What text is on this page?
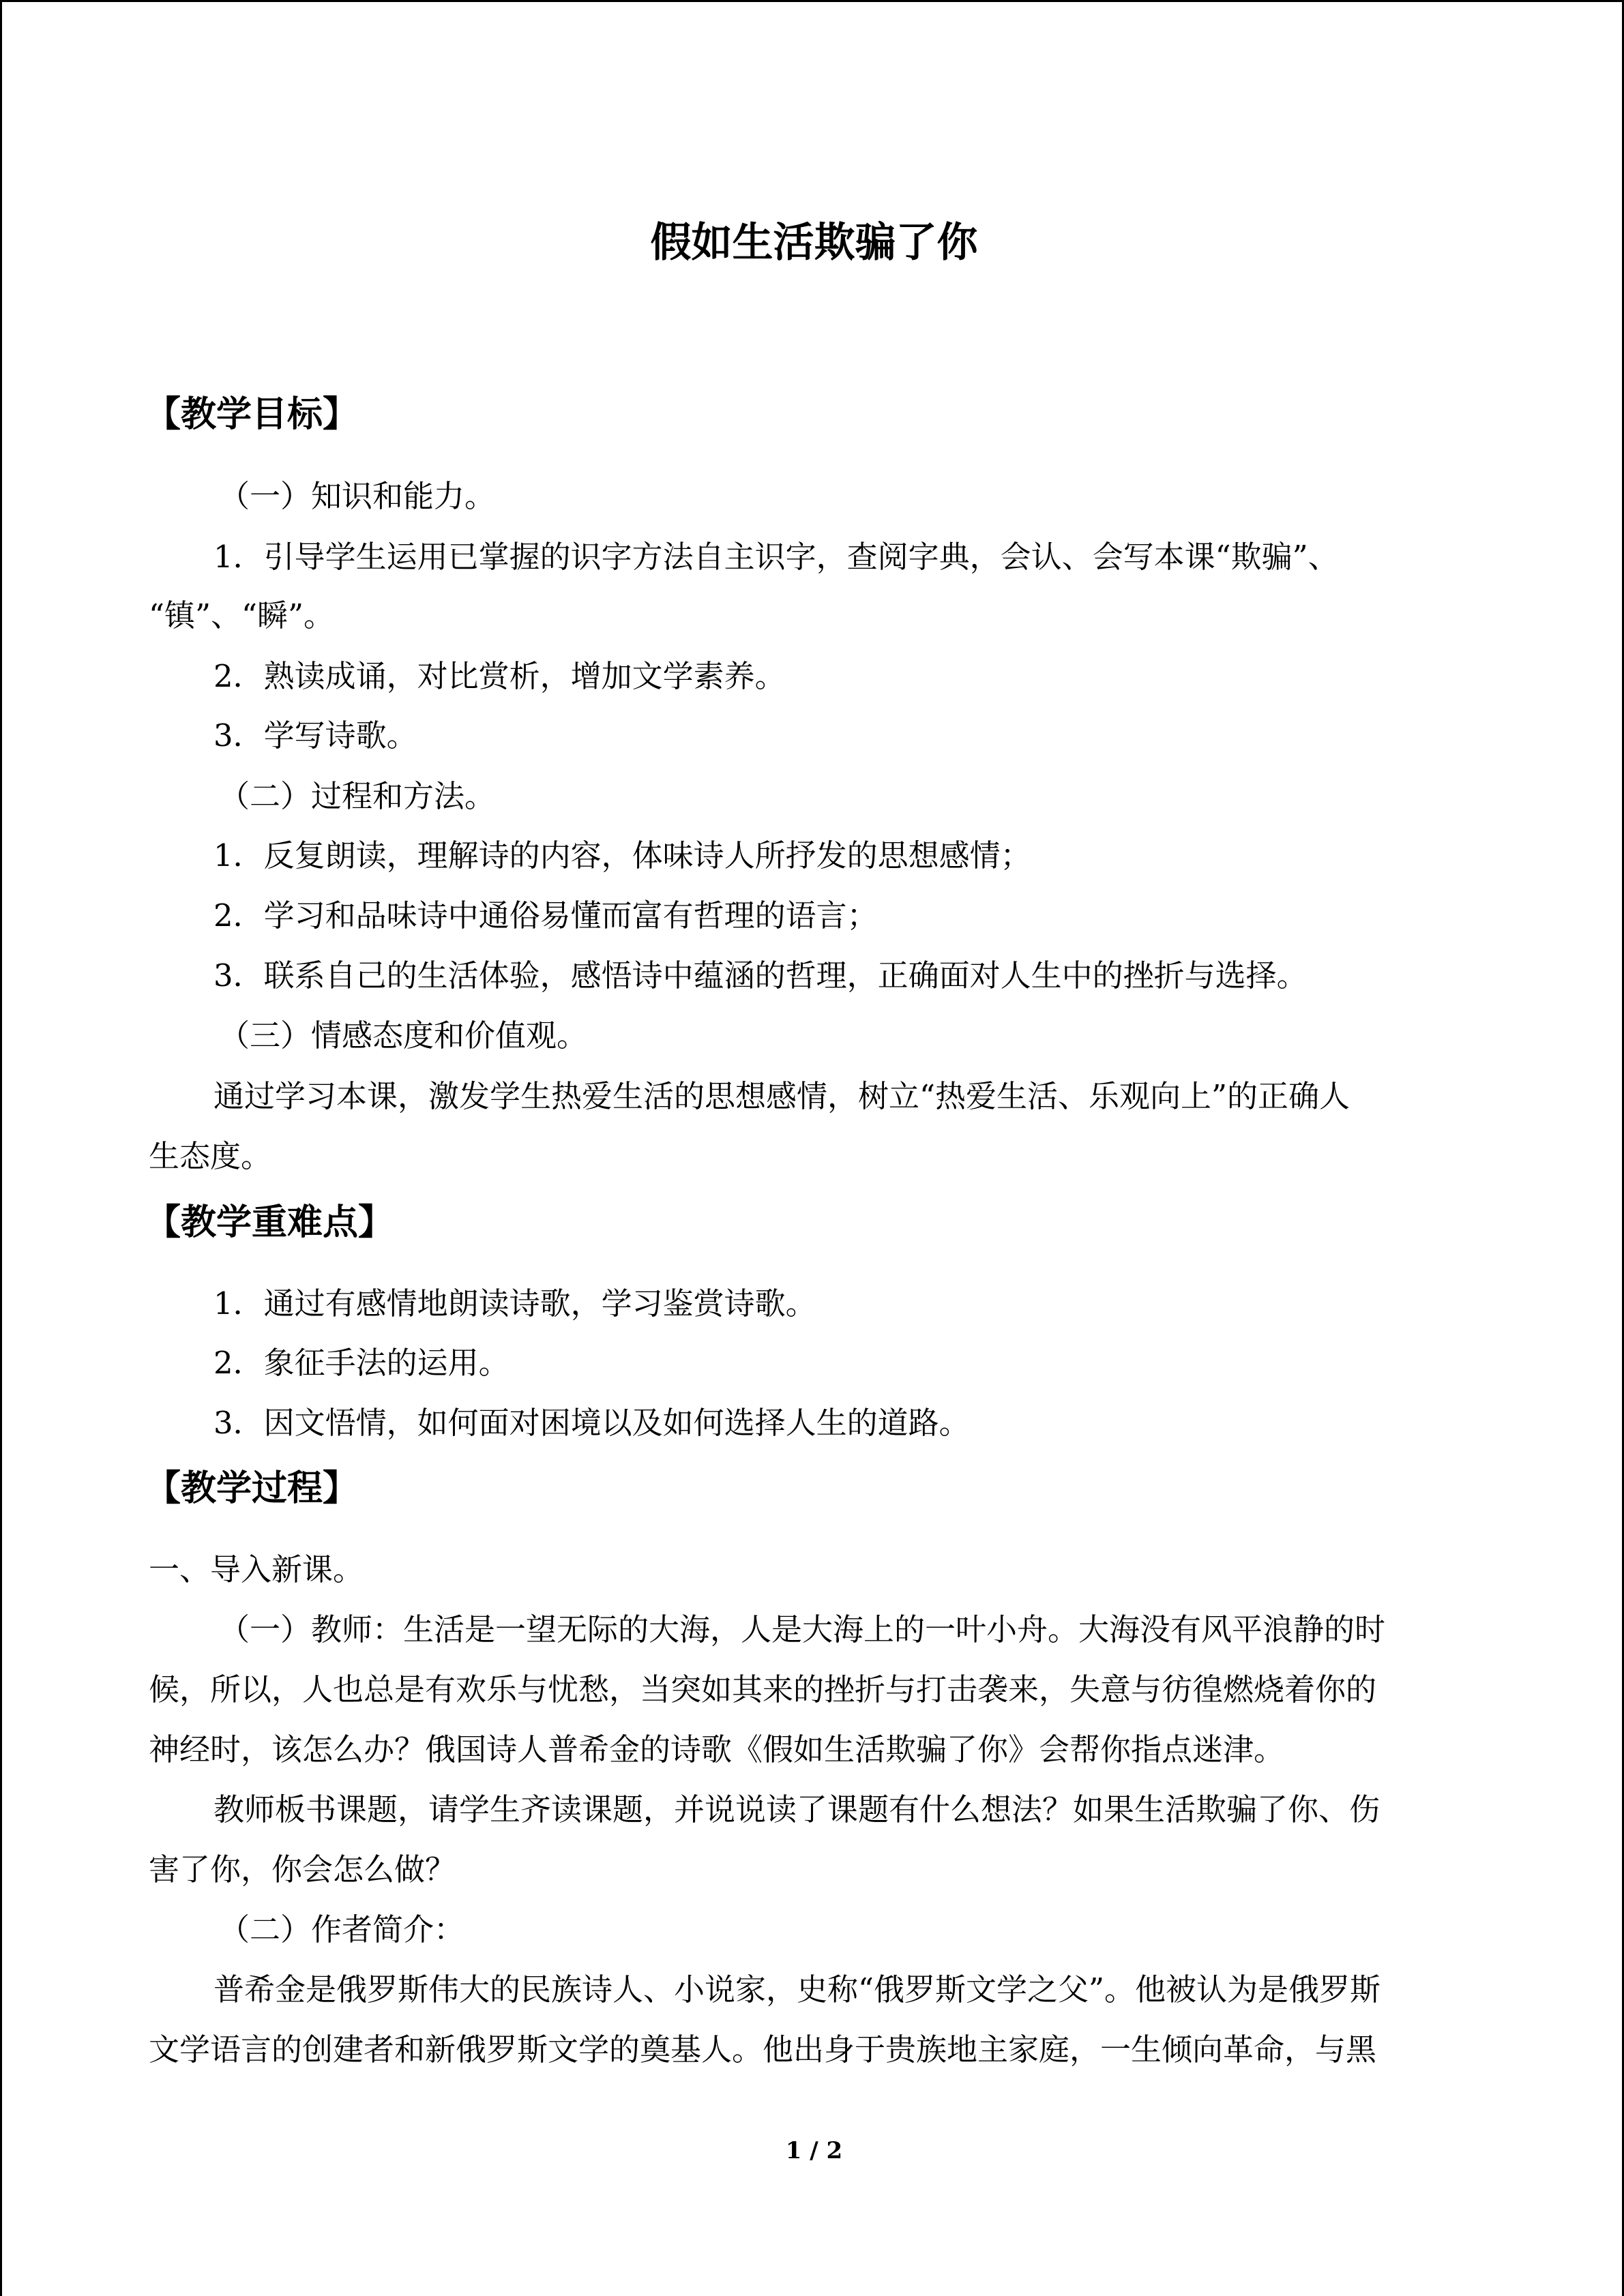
假如生活欺骗了你
【教学目标】
（一）知识和能力。
1．引导学生运用已掌握的识字方法自主识字，查阅字典，会认、会写本课“欺骗”、
“镇”、“瞬”。
2．熟读成诵，对比赏析，增加文学素养。
3．学写诗歌。
（二）过程和方法。
1．反复朗读，理解诗的内容，体味诗人所抒发的思想感情；
2．学习和品味诗中通俗易懂而富有哲理的语言；
3．联系自己的生活体验，感悟诗中蕴涵的哲理，正确面对人生中的挫折与选择。
（三）情感态度和价值观。
通过学习本课，激发学生热爱生活的思想感情，树立“热爱生活、乐观向上”的正确人
生态度。
【教学重难点】
1．通过有感情地朗读诗歌，学习鉴赏诗歌。
2．象征手法的运用。
3．因文悟情，如何面对困境以及如何选择人生的道路。
【教学过程】
一、导入新课。
（一）教师：生活是一望无际的大海，人是大海上的一叶小舟。大海没有风平浪静的时
候，所以，人也总是有欢乐与忧愁，当突如其来的挫折与打击袭来，失意与彷徨燃烧着你的
神经时，该怎么办？俄国诗人普希金的诗歌《假如生活欺骗了你》会帮你指点迷津。
教师板书课题，请学生齐读课题，并说说读了课题有什么想法？如果生活欺骗了你、伤
害了你，你会怎么做？
（二）作者简介：
普希金是俄罗斯伟大的民族诗人、小说家，史称“俄罗斯文学之父”。他被认为是俄罗斯
文学语言的创建者和新俄罗斯文学的奠基人。他出身于贵族地主家庭，一生倾向革命，与黑
1 / 2
